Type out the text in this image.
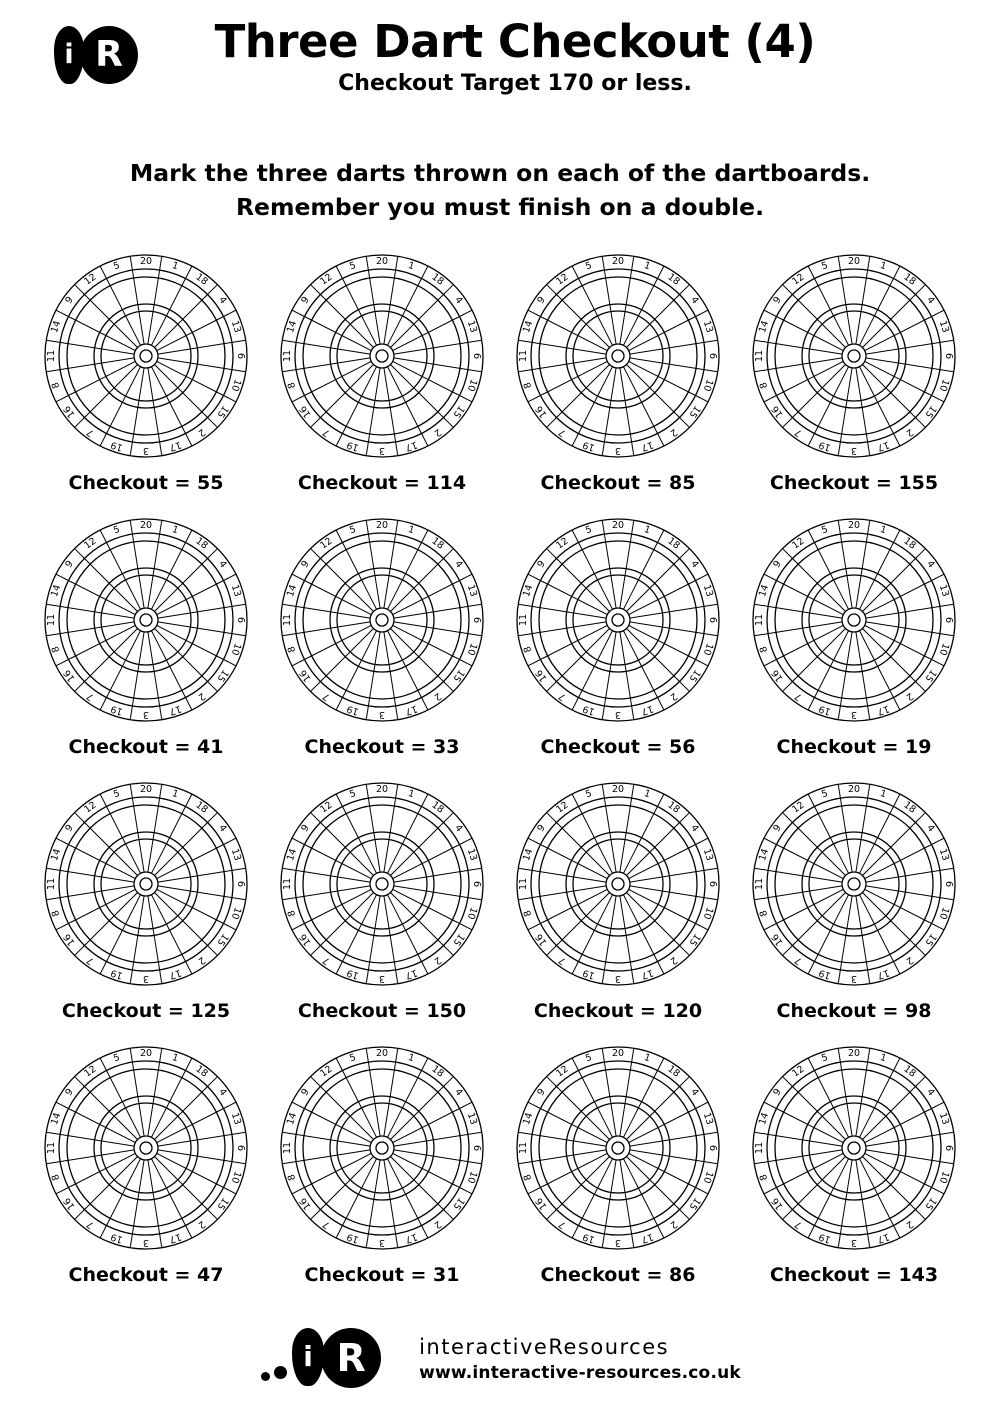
i R	Three Dart Checkout (4)
Checkout Target 170 or less.
Mark the three darts thrown on each of the dartboards.
Remember you must finish on a double.
20 1
18
4
13
6
10
15
2
17
3
19
7
16
8
11
14
9
12
5
Checkout = 55
20 1
18
4
13
6
10
15
2
17
3
19
7
16
8
11
14
9
12
5
Checkout = 114
20 1
18
4
13
6
10
15
2
17
3
19
7
16
8
11
14
9
12
5
Checkout = 85
20 1
18
4
13
6
10
15
2
17
3
19
7
16
8
11
14
9
12
5
Checkout = 155
20 1
18
4
13
6
10
15
2
17
3
19
7
16
8
11
14
9
12
5
Checkout = 41
20 1
18
4
13
6
10
15
2
17
3
19
7
16
8
11
14
9
12
5
Checkout = 33
20 1
18
4
13
6
10
15
2
17
3
19
7
16
8
11
14
9
12
5
Checkout = 56
20 1
18
4
13
6
10
15
2
17
3
19
7
16
8
11
14
9
12
5
Checkout = 19
20 1
18
4
13
6
10
15
2
17
3
19
7
16
8
11
14
9
12
5
Checkout = 125
20 1
18
4
13
6
10
15
2
17
3
19
7
16
8
11
14
9
12
5
Checkout = 150
20 1
18
4
13
6
10
15
2
17
3
19
7
16
8
11
14
9
12
5
Checkout = 120
20 1
18
4
13
6
10
15
2
17
3
19
7
16
8
11
14
9
12
5
Checkout = 98
20 1
18
4
13
6
10
15
2
17
3
19
7
16
8
11
14
9
12
5
Checkout = 47
20 1
18
4
13
6
10
15
2
17
3
19
7
16
8
11
14
9
12
5
Checkout = 31
20 1
18
4
13
6
10
15
2
17
3
19
7
16
8
11
14
9
12
5
Checkout = 86
20 1
18
4
13
6
10
15
2
17
3
19
7
16
8
11
14
9
12
5
Checkout = 143
i R	interactiveResources
www.interactive-resources.co.uk
